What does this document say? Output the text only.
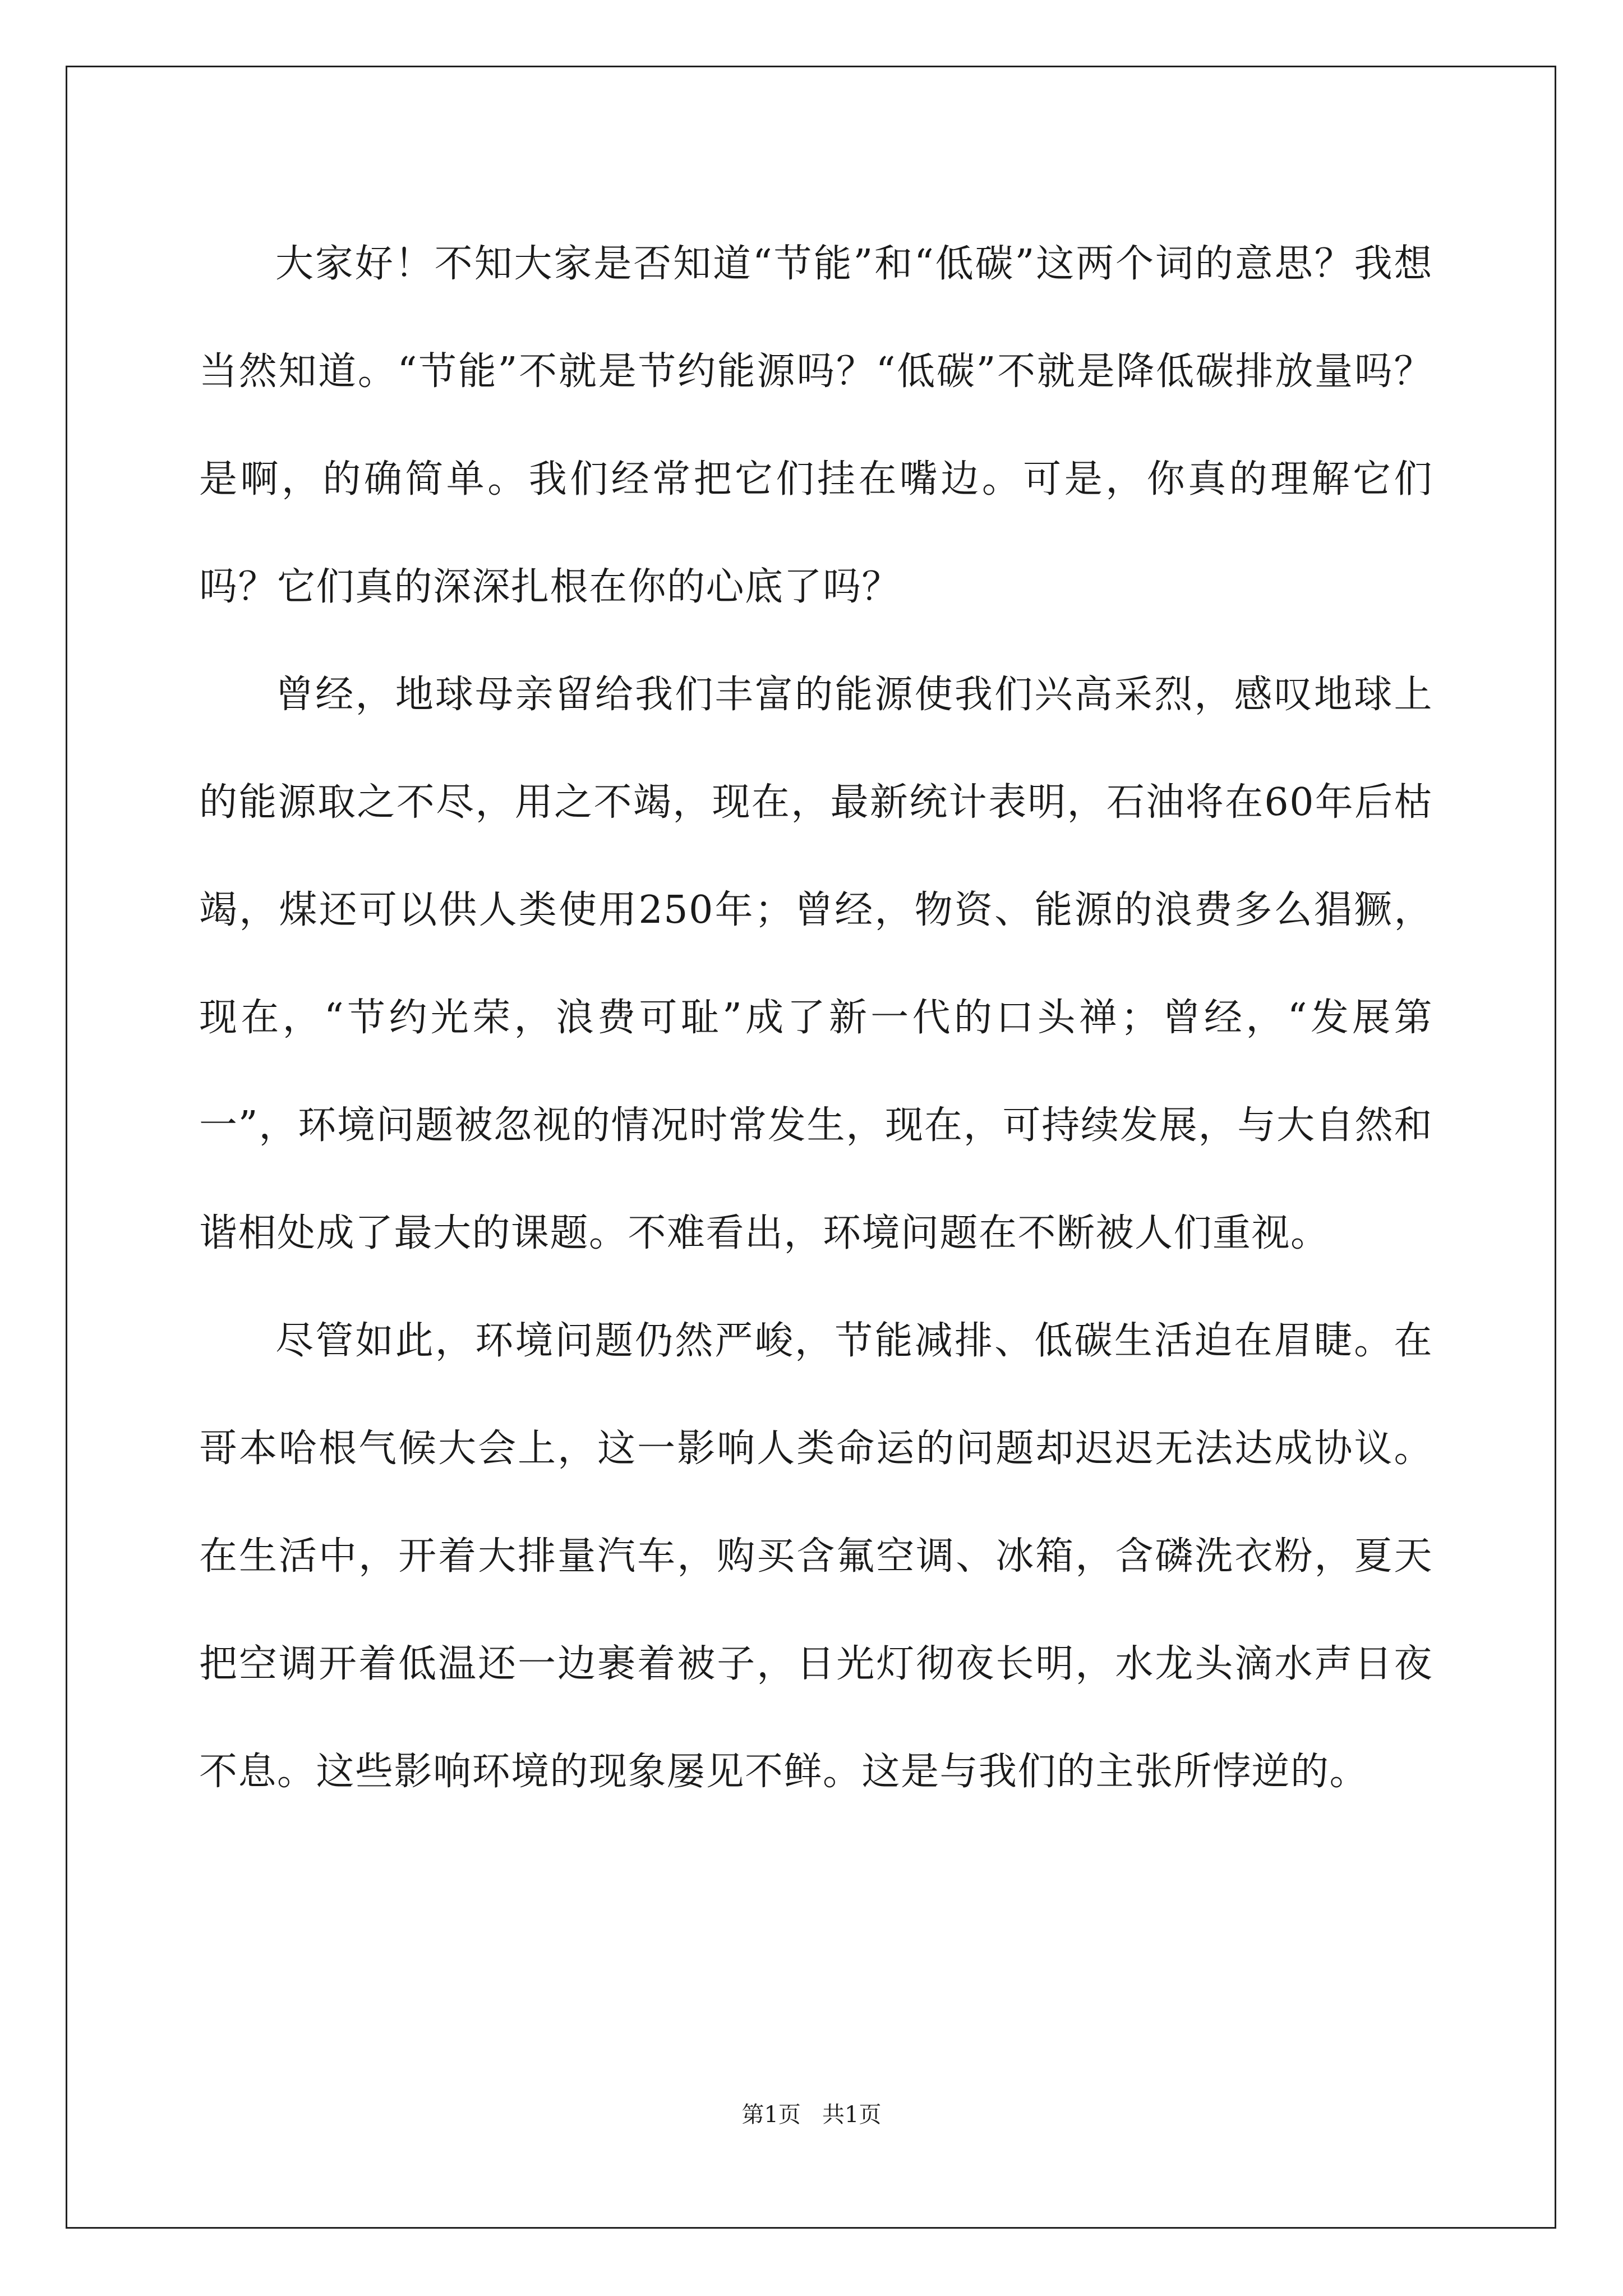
大家好！不知大家是否知道“节能”和“低碳”这两个词的意思？我想当然知道。“节能”不就是节约能源吗？“低碳”不就是降低碳排放量吗？是啊，的确简单。我们经常把它们挂在嘴边。可是，你真的理解它们吗？它们真的深深扎根在你的心底了吗？

曾经，地球母亲留给我们丰富的能源使我们兴高采烈，感叹地球上的能源取之不尽，用之不竭，现在，最新统计表明，石油将在60年后枯竭，煤还可以供人类使用250年；曾经，物资、能源的浪费多么猖獗，现在，“节约光荣，浪费可耻”成了新一代的口头禅；曾经，“发展第一”，环境问题被忽视的情况时常发生，现在，可持续发展，与大自然和谐相处成了最大的课题。不难看出，环境问题在不断被人们重视。

尽管如此，环境问题仍然严峻，节能减排、低碳生活迫在眉睫。在哥本哈根气候大会上，这一影响人类命运的问题却迟迟无法达成协议。在生活中，开着大排量汽车，购买含氟空调、冰箱，含磷洗衣粉，夏天把空调开着低温还一边裹着被子，日光灯彻夜长明，水龙头滴水声日夜不息。这些影响环境的现象屡见不鲜。这是与我们的主张所悖逆的。

第1页   共1页
